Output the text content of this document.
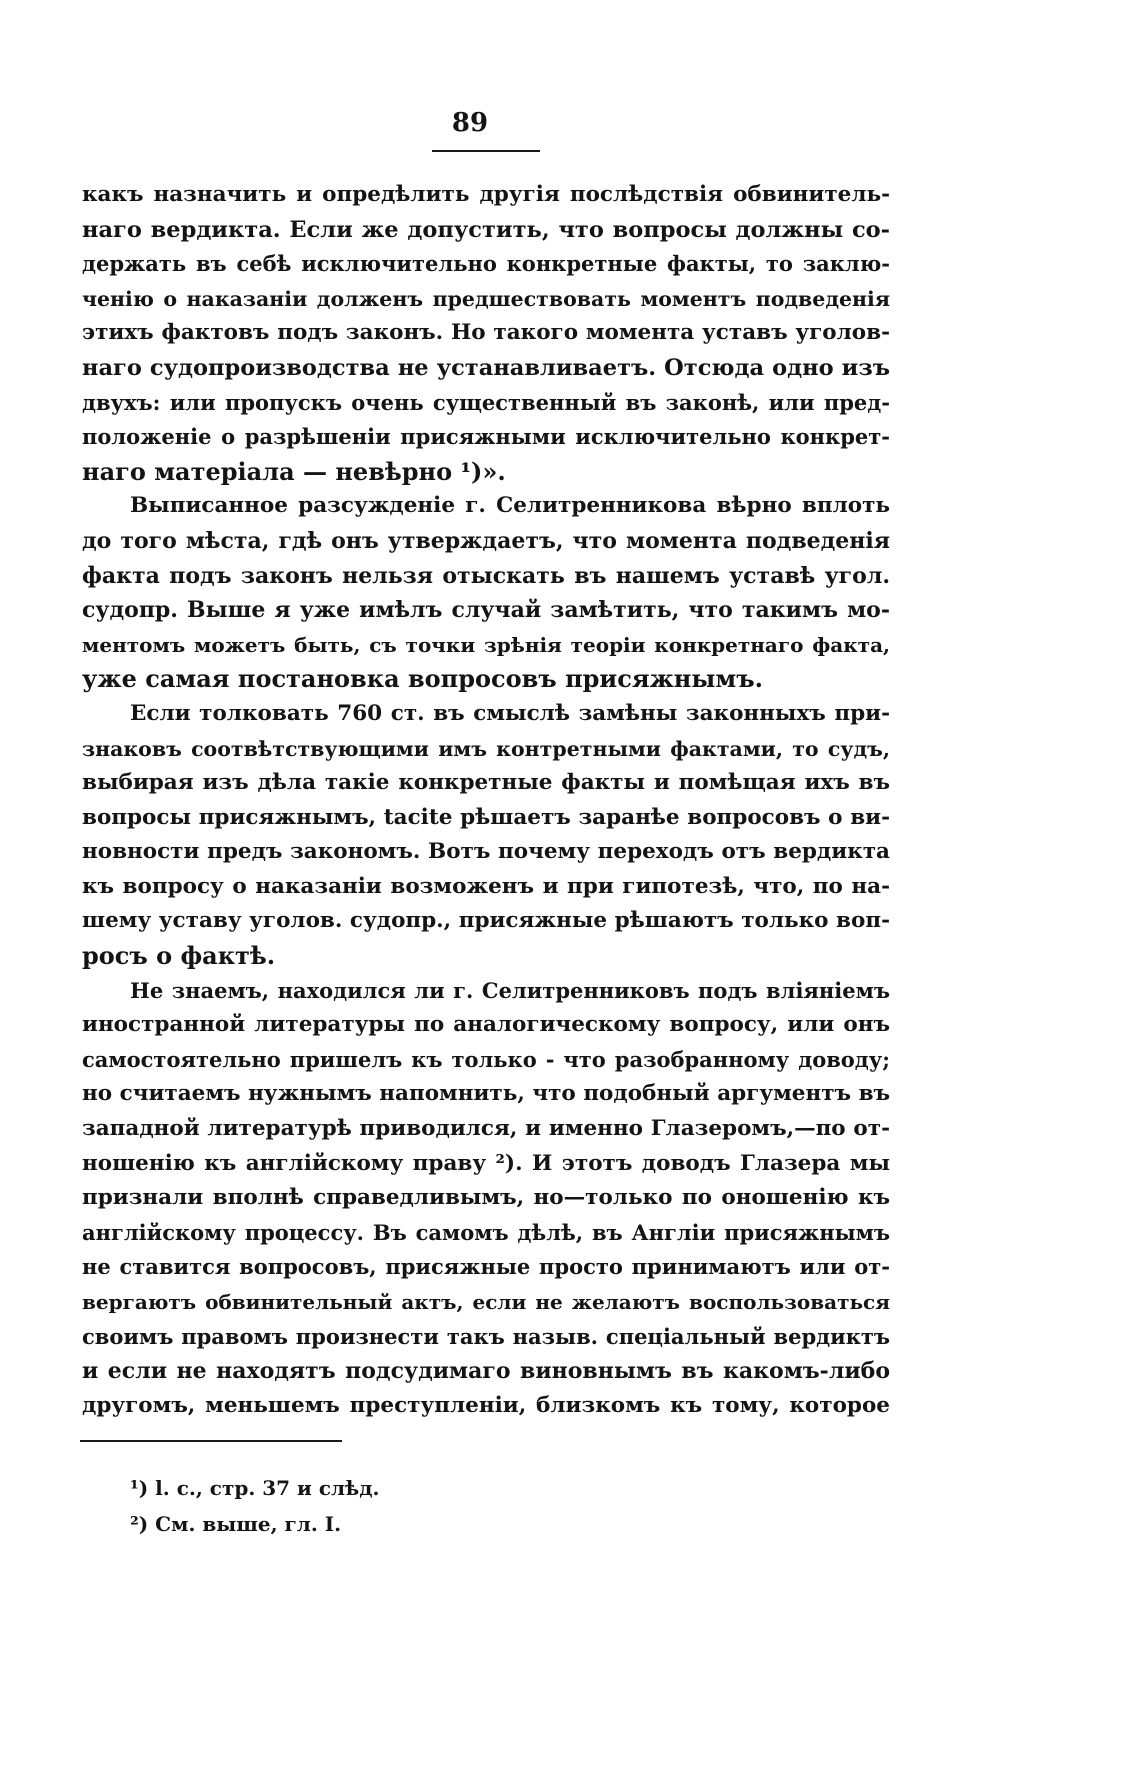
89
какъ назначить и опредѣлить другія послѣдствія обвинитель-
наго вердикта. Если же допустить, что вопросы должны со-
держать въ себѣ исключительно конкретные факты, то заклю-
ченію о наказаніи долженъ предшествовать моментъ подведенія
этихъ фактовъ подъ законъ. Но такого момента уставъ уголов-
наго судопроизводства не устанавливаетъ. Отсюда одно изъ
двухъ: или пропускъ очень существенный въ законѣ, или пред-
положеніе о разрѣшеніи присяжными исключительно конкрет-
наго матеріала — невѣрно ¹)».
Выписанное разсужденіе г. Селитренникова вѣрно вплоть
до того мѣста, гдѣ онъ утверждаетъ, что момента подведенія
факта подъ законъ нельзя отыскать въ нашемъ уставѣ угол.
судопр. Выше я уже имѣлъ случай замѣтить, что такимъ мо-
ментомъ можетъ быть, съ точки зрѣнія теоріи конкретнаго факта,
уже самая постановка вопросовъ присяжнымъ.
Если толковать 760 ст. въ смыслѣ замѣны законныхъ при-
знаковъ соотвѣтствующими имъ контретными фактами, то судъ,
выбирая изъ дѣла такіе конкретные факты и помѣщая ихъ въ
вопросы присяжнымъ, tacite рѣшаетъ заранѣе вопросовъ о ви-
новности предъ закономъ. Вотъ почему переходъ отъ вердикта
къ вопросу о наказаніи возможенъ и при гипотезѣ, что, по на-
шему уставу уголов. судопр., присяжные рѣшаютъ только воп-
росъ о фактѣ.
Не знаемъ, находился ли г. Селитренниковъ подъ вліяніемъ
иностранной литературы по аналогическому вопросу, или онъ
самостоятельно пришелъ къ только - что разобранному доводу;
но считаемъ нужнымъ напомнить, что подобный аргументъ въ
западной литературѣ приводился, и именно Глазеромъ,—по от-
ношенію къ англійскому праву ²). И этотъ доводъ Глазера мы
признали вполнѣ справедливымъ, но—только по оношенію къ
англійскому процессу. Въ самомъ дѣлѣ, въ Англіи присяжнымъ
не ставится вопросовъ, присяжные просто принимаютъ или от-
вергаютъ обвинительный актъ, если не желаютъ воспользоваться
своимъ правомъ произнести такъ назыв. спеціальный вердиктъ
и если не находятъ подсудимаго виновнымъ въ какомъ-либо
другомъ, меньшемъ преступленіи, близкомъ къ тому, которое
¹) l. c., стр. 37 и слѣд.
²) См. выше, гл. I.
